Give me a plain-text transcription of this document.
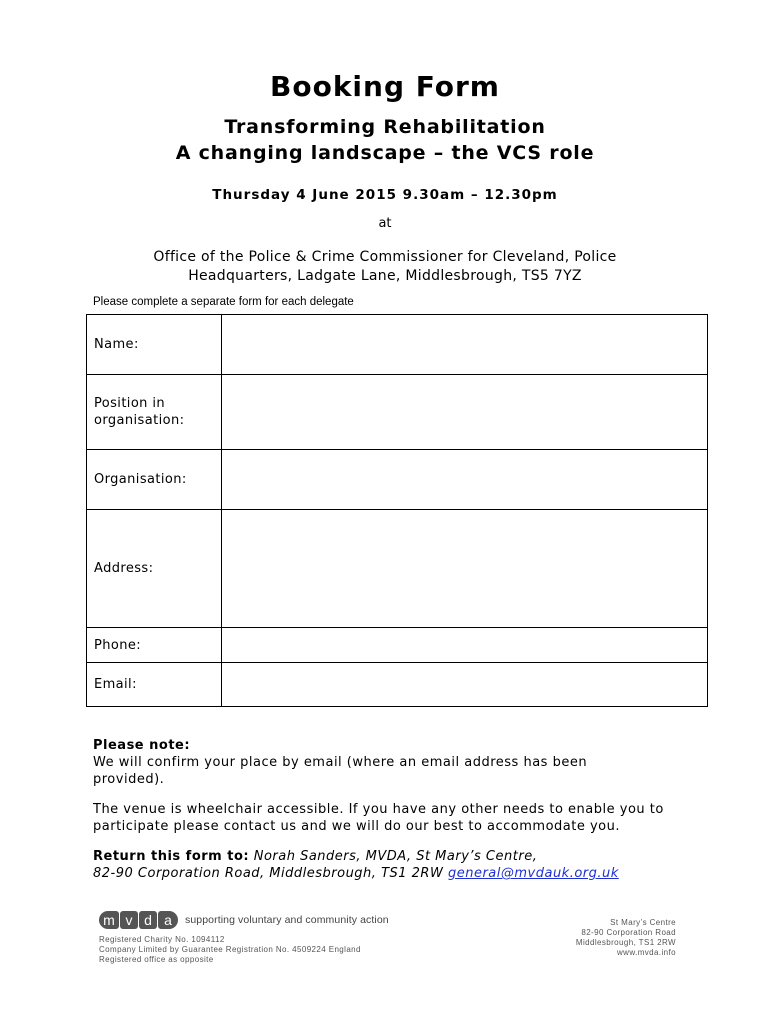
Booking Form
Transforming Rehabilitation
A changing landscape – the VCS role
Thursday 4 June 2015 9.30am – 12.30pm
at
Office of the Police & Crime Commissioner for Cleveland, Police
Headquarters, Ladgate Lane, Middlesbrough, TS5 7YZ
Please complete a separate form for each delegate
Name:	

Position in
organisation:	

Organisation:	
Address:	
Phone:	
Email:	

Please note:
We will confirm your place by email (where an email address has been
provided).

The venue is wheelchair accessible. If you have any other needs to enable you to
participate please contact us and we will do our best to accommodate you.

Return this form to: Norah Sanders, MVDA, St Mary’s Centre,
82-90 Corporation Road, Middlesbrough, TS1 2RW general@mvdauk.org.uk

m v d a	supporting voluntary and community action
Registered Charity No. 1094112
Company Limited by Guarantee Registration No. 4509224 England
Registered office as opposite
St Mary’s Centre
82-90 Corporation Road
Middlesbrough, TS1 2RW
www.mvda.info
